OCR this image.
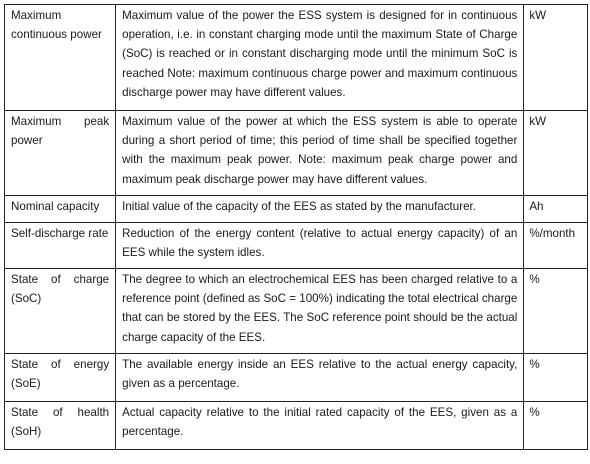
Maximum continuous power	Maximum value of the power the ESS system is designed for in continuous operation, i.e. in constant charging mode until the maximum State of Charge (SoC) is reached or in constant discharging mode until the minimum SoC is reached Note: maximum continuous charge power and maximum continuous discharge power may have different values.	kW
Maximum peak power	Maximum value of the power at which the ESS system is able to operate during a short period of time; this period of time shall be specified together with the maximum peak power. Note: maximum peak charge power and maximum peak discharge power may have different values.	kW
Nominal capacity	Initial value of the capacity of the EES as stated by the manufacturer.	Ah
Self-discharge rate	Reduction of the energy content (relative to actual energy capacity) of an EES while the system idles.	%/month
State of charge (SoC)	The degree to which an electrochemical EES has been charged relative to a reference point (defined as SoC = 100%) indicating the total electrical charge that can be stored by the EES. The SoC reference point should be the actual charge capacity of the EES.	%
State of energy (SoE)	The available energy inside an EES relative to the actual energy capacity, given as a percentage.	%
State of health (SoH)	Actual capacity relative to the initial rated capacity of the EES, given as a percentage.	%
